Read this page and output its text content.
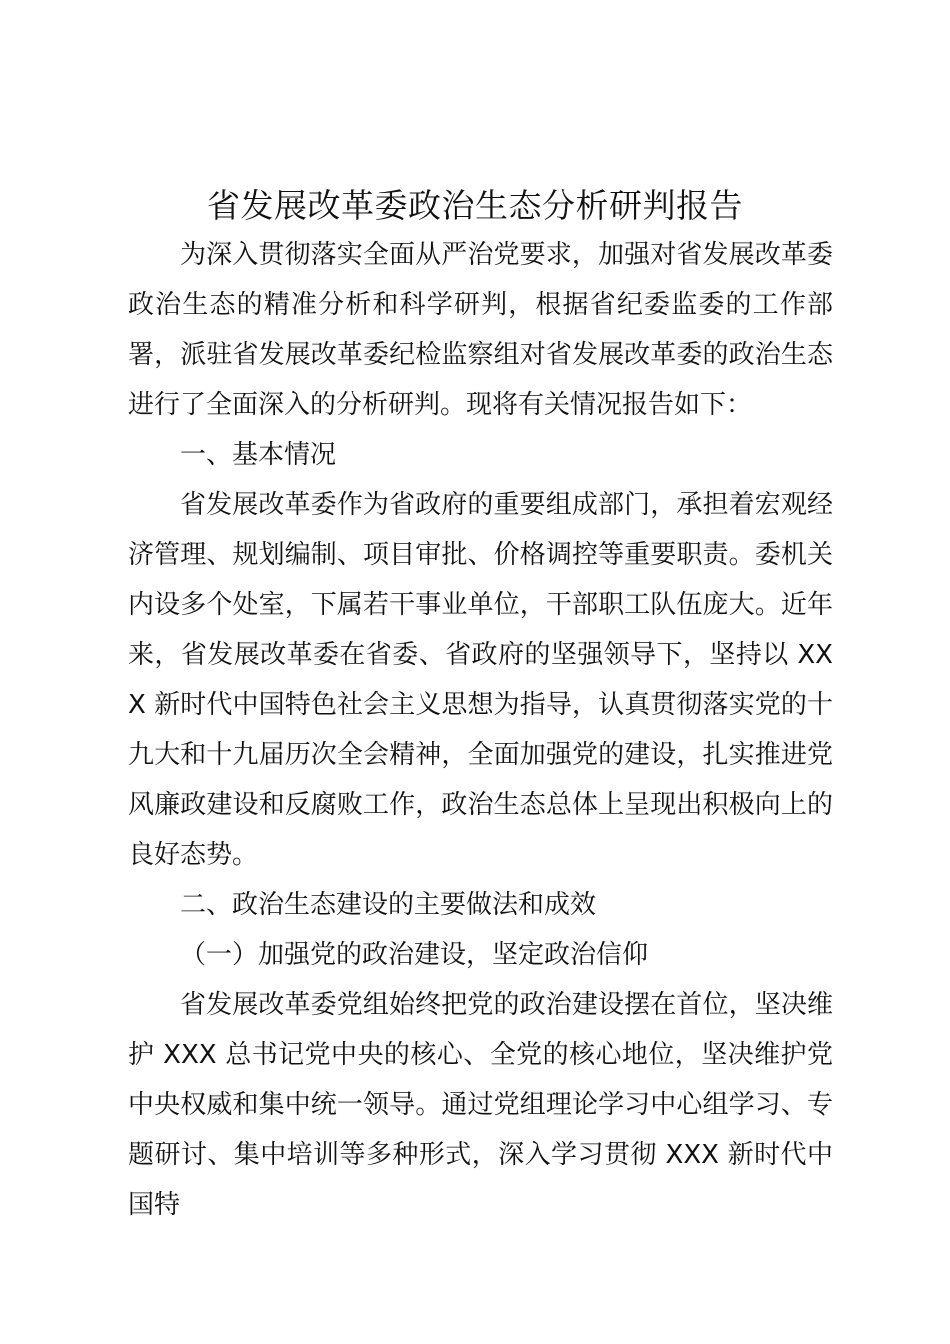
省发展改革委政治生态分析研判报告

为深入贯彻落实全面从严治党要求，加强对省发展改革委政治生态的精准分析和科学研判，根据省纪委监委的工作部署，派驻省发展改革委纪检监察组对省发展改革委的政治生态进行了全面深入的分析研判。现将有关情况报告如下：

一、基本情况

省发展改革委作为省政府的重要组成部门，承担着宏观经济管理、规划编制、项目审批、价格调控等重要职责。委机关内设多个处室，下属若干事业单位，干部职工队伍庞大。近年来，省发展改革委在省委、省政府的坚强领导下，坚持以 XXX 新时代中国特色社会主义思想为指导，认真贯彻落实党的十九大和十九届历次全会精神，全面加强党的建设，扎实推进党风廉政建设和反腐败工作，政治生态总体上呈现出积极向上的良好态势。

二、政治生态建设的主要做法和成效

（一）加强党的政治建设，坚定政治信仰

省发展改革委党组始终把党的政治建设摆在首位，坚决维护 XXX 总书记党中央的核心、全党的核心地位，坚决维护党中央权威和集中统一领导。通过党组理论学习中心组学习、专题研讨、集中培训等多种形式，深入学习贯彻 XXX 新时代中国特
